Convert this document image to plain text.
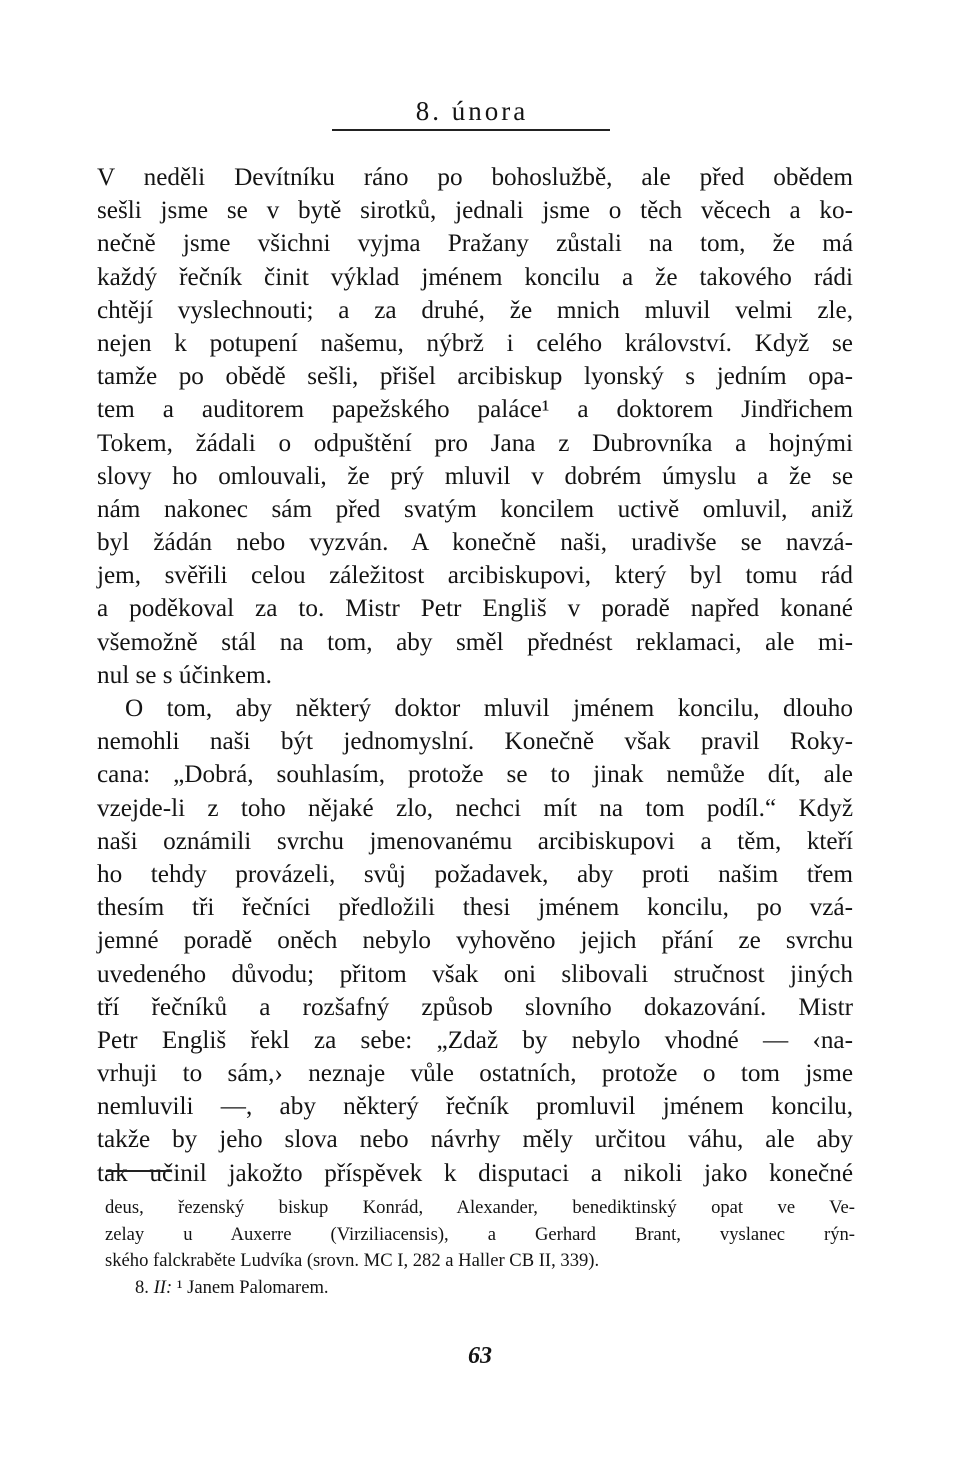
8. února
V neděli Devítníku ráno po bohoslužbě, ale před obědem
sešli jsme se v bytě sirotků, jednali jsme o těch věcech a ko-
nečně jsme všichni vyjma Pražany zůstali na tom, že má
každý řečník činit výklad jménem koncilu a že takového rádi
chtějí vyslechnouti; a za druhé, že mnich mluvil velmi zle,
nejen k potupení našemu, nýbrž i celého království. Když se
tamže po obědě sešli, přišel arcibiskup lyonský s jedním opa-
tem a auditorem papežského paláce¹ a doktorem Jindřichem
Tokem, žádali o odpuštění pro Jana z Dubrovníka a hojnými
slovy ho omlouvali, že prý mluvil v dobrém úmyslu a že se
nám nakonec sám před svatým koncilem uctivě omluvil, aniž
byl žádán nebo vyzván. A konečně naši, uradivše se navzá-
jem, svěřili celou záležitost arcibiskupovi, který byl tomu rád
a poděkoval za to. Mistr Petr Engliš v poradě napřed konané
všemožně stál na tom, aby směl přednést reklamaci, ale mi-
nul se s účinkem.
O tom, aby některý doktor mluvil jménem koncilu, dlouho
nemohli naši být jednomyslní. Konečně však pravil Roky-
cana: „Dobrá, souhlasím, protože se to jinak nemůže dít, ale
vzejde-li z toho nějaké zlo, nechci mít na tom podíl.“ Když
naši oznámili svrchu jmenovanému arcibiskupovi a těm, kteří
ho tehdy provázeli, svůj požadavek, aby proti našim třem
thesím tři řečníci předložili thesi jménem koncilu, po vzá-
jemné poradě oněch nebylo vyhověno jejich přání ze svrchu
uvedeného důvodu; přitom však oni slibovali stručnost jiných
tří řečníků a rozšafný způsob slovního dokazování. Mistr
Petr Engliš řekl za sebe: „Zdaž by nebylo vhodné — ‹na-
vrhuji to sám,› neznaje vůle ostatních, protože o tom jsme
nemluvili —, aby některý řečník promluvil jménem koncilu,
takže by jeho slova nebo návrhy měly určitou váhu, ale aby
tak učinil jakožto příspěvek k disputaci a nikoli jako konečné
deus, řezenský biskup Konrád, Alexander, benediktinský opat ve Ve-
zelay u Auxerre (Virziliacensis), a Gerhard Brant, vyslanec rýn-
ského falckraběte Ludvíka (srovn. MC I, 282 a Haller CB II, 339).
8. II: ¹ Janem Palomarem.
63
